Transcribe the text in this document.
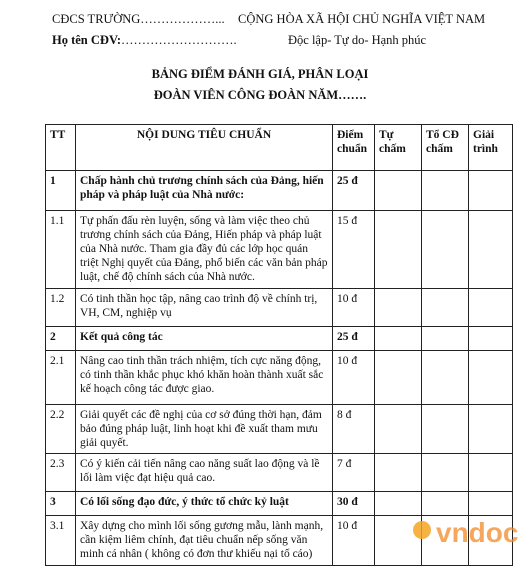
CĐCS TRƯỜNG………………... CỘNG HÒA XÃ HỘI CHỦ NGHĨA VIỆT NAM
Họ tên CĐV:……………………….	Độc lập- Tự do- Hạnh phúc
BẢNG ĐIỂM ĐÁNH GIÁ, PHÂN LOẠI
ĐOÀN VIÊN CÔNG ĐOÀN NĂM…….
TT	NỘI DUNG TIÊU CHUẨN	Điểm chuẩn	Tự chấm	Tổ CĐ chấm	Giải trình
1	Chấp hành chủ trương chính sách của Đảng, hiến pháp và pháp luật của Nhà nước:	25 đ			
1.1	Tự phấn đấu rèn luyện, sống và làm việc theo chủ trương chính sách của Đảng, Hiến pháp và pháp luật của Nhà nước. Tham gia đầy đủ các lớp học quán triệt Nghị quyết của Đảng, phổ biến các văn bản pháp luật, chế độ chính sách của Nhà nước.	15 đ			
1.2	Có tinh thần học tập, nâng cao trình độ về chính trị, VH, CM, nghiệp vụ	10 đ			
2	Kết quả công tác	25 đ			
2.1	Nâng cao tinh thần trách nhiệm, tích cực năng động, có tinh thần khắc phục khó khăn hoàn thành xuất sắc kế hoạch công tác được giao.	10 đ			
2.2	Giải quyết các đề nghị của cơ sở đúng thời hạn, đảm bảo đúng pháp luật, linh hoạt khi đề xuất tham mưu giải quyết.	8 đ			
2.3	Có ý kiến cải tiến nâng cao năng suất lao động và lề lối làm việc đạt hiệu quả cao.	7 đ			
3	Có lối sống đạo đức, ý thức tổ chức kỷ luật	30 đ			
3.1	Xây dựng cho mình lối sống gương mẫu, lành mạnh, cần kiệm liêm chính, đạt tiêu chuẩn nếp sống văn minh cá nhân ( không có đơn thư khiếu nại tố cáo)	10 đ				vndoc
